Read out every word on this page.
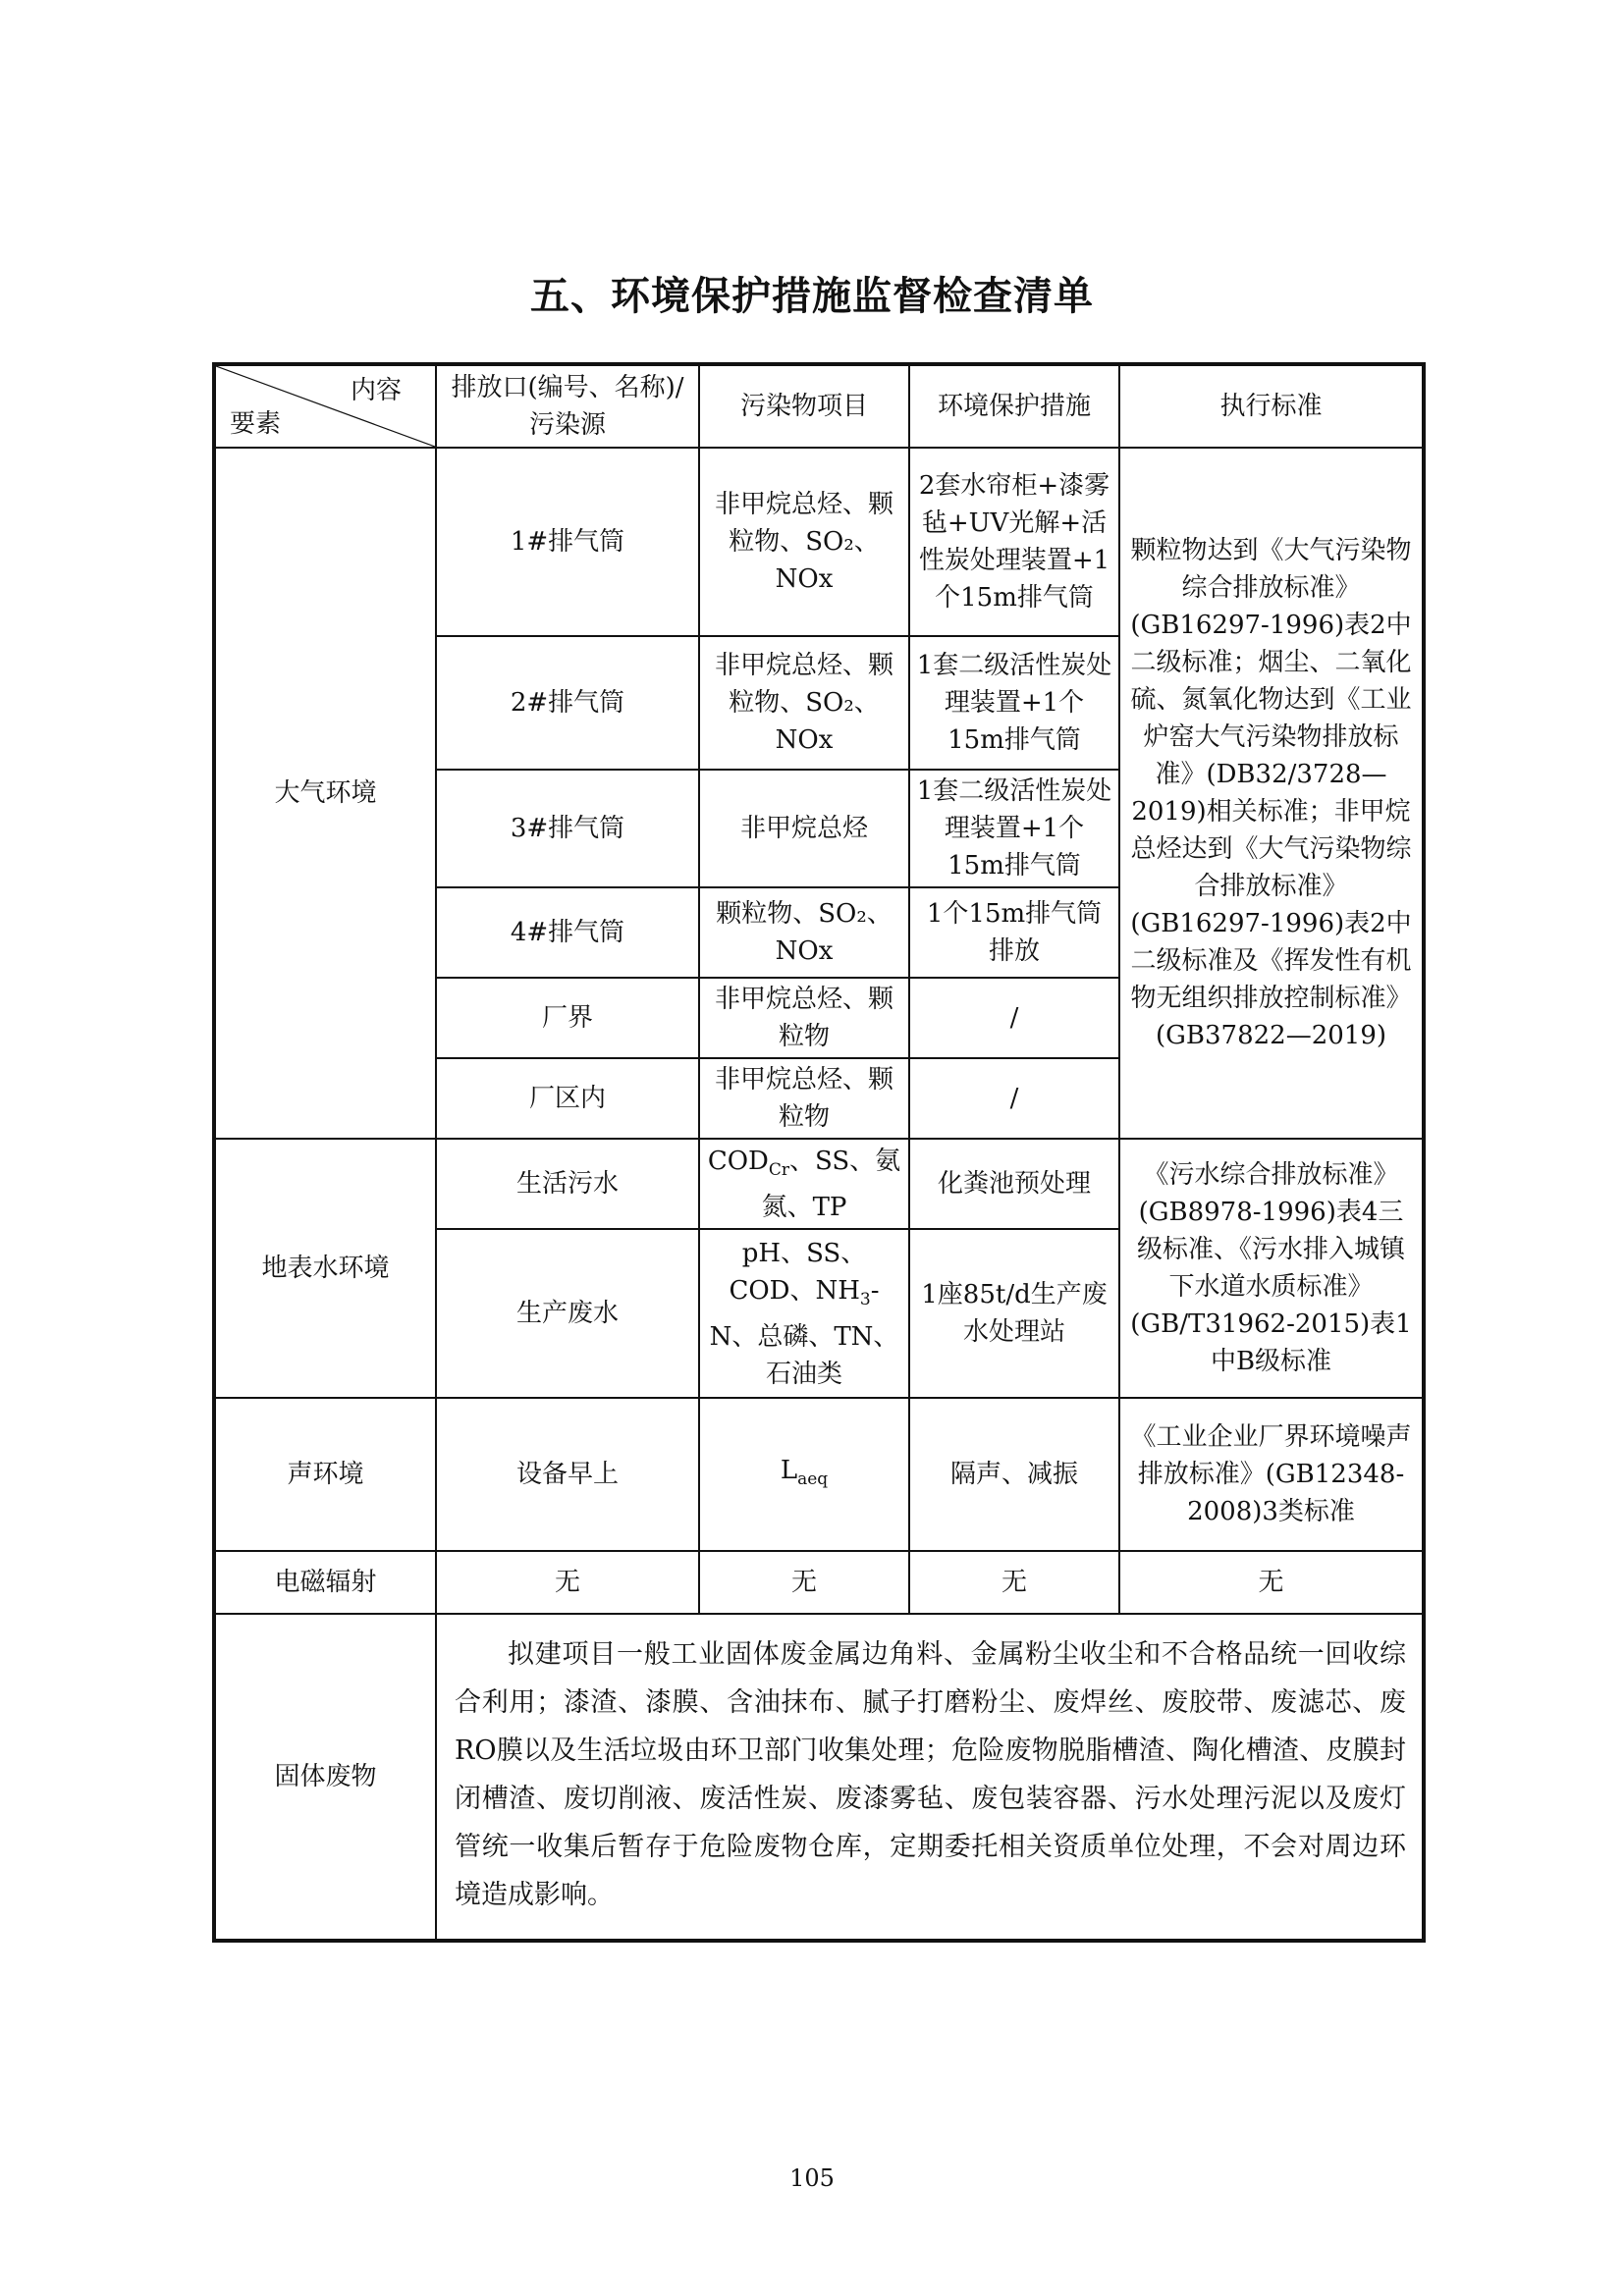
五、环境保护措施监督检查清单
内容
要素	排放口(编号、名称)/污染源	污染物项目	环境保护措施	执行标准
大气环境	1#排气筒	非甲烷总烃、颗粒物、SO₂、NOx	2套水帘柜+漆雾毡+UV光解+活性炭处理装置+1个15m排气筒	颗粒物达到《大气污染物综合排放标准》(GB16297-1996)表2中二级标准；烟尘、二氧化硫、氮氧化物达到《工业炉窑大气污染物排放标准》(DB32/3728—2019)相关标准；非甲烷总烃达到《大气污染物综合排放标准》(GB16297-1996)表2中二级标准及《挥发性有机物无组织排放控制标准》(GB37822—2019)
	2#排气筒	非甲烷总烃、颗粒物、SO₂、NOx	1套二级活性炭处理装置+1个15m排气筒	
	3#排气筒	非甲烷总烃	1套二级活性炭处理装置+1个15m排气筒	
	4#排气筒	颗粒物、SO₂、NOx	1个15m排气筒排放	
	厂界	非甲烷总烃、颗粒物	/	
	厂区内	非甲烷总烃、颗粒物	/	
地表水环境	生活污水	$COD_{Cr}$、SS、氨氮、TP	化粪池预处理	《污水综合排放标准》(GB8978-1996)表4三级标准、《污水排入城镇下水道水质标准》(GB/T31962-2015)表1中B级标准
	生产废水	pH、SS、COD、$NH_3-N$、总磷、TN、石油类	1座85t/d生产废水处理站	
声环境	设备早上	$L_{aeq}$	隔声、减振	《工业企业厂界环境噪声排放标准》(GB12348-2008)3类标准
电磁辐射	无	无	无	无
固体废物	拟建项目一般工业固体废金属边角料、金属粉尘收尘和不合格品统一回收综合利用；漆渣、漆膜、含油抹布、腻子打磨粉尘、废焊丝、废胶带、废滤芯、废RO膜以及生活垃圾由环卫部门收集处理；危险废物脱脂槽渣、陶化槽渣、皮膜封闭槽渣、废切削液、废活性炭、废漆雾毡、废包装容器、污水处理污泥以及废灯管统一收集后暂存于危险废物仓库，定期委托相关资质单位处理，不会对周边环境造成影响。			
105
